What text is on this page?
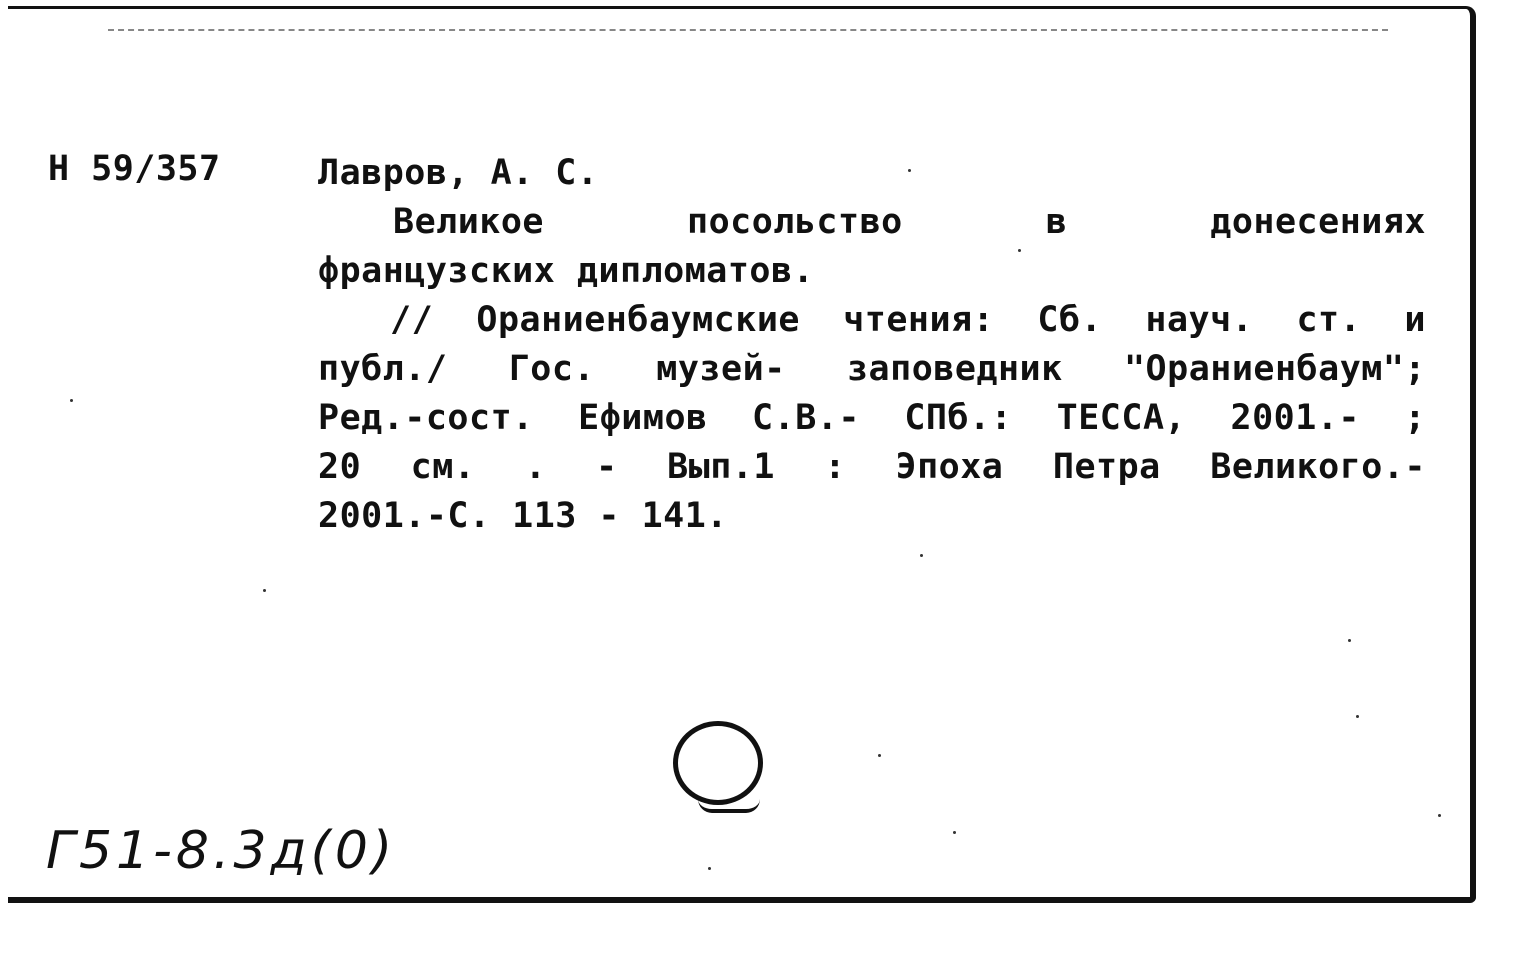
Н 59/357	Лавров, А. С.
Великое посольство в донесениях
французских дипломатов.
// Ораниенбаумские чтения: Сб. науч. ст. и
публ./ Гос. музей- заповедник "Ораниенбаум";
Ред.-сост. Ефимов С.В.- СПб.: ТЕССА, 2001.- ;
20 см. . - Вып.1 : Эпоха Петра Великого.-
2001.-С. 113 - 141.
Г51-8.3д(0)
